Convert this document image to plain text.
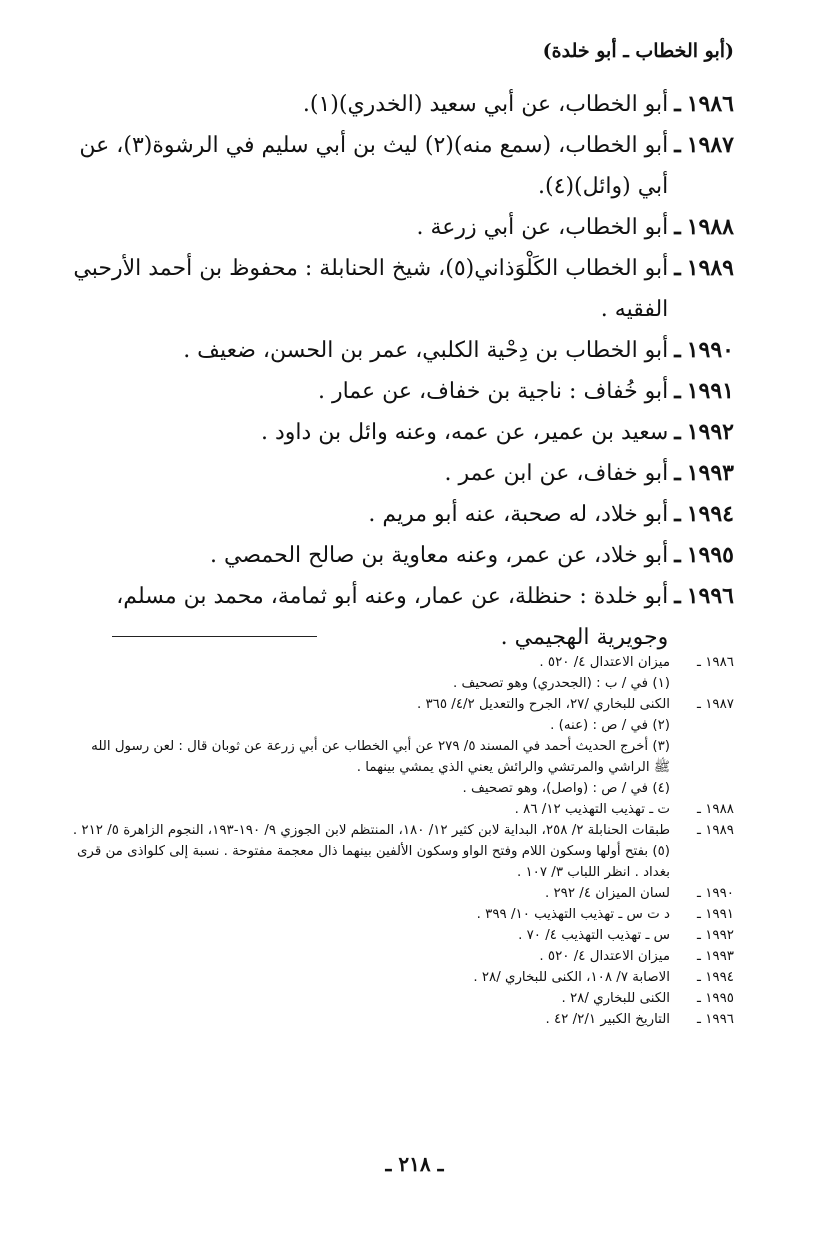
(أبو الخطاب ـ أبو خلدة)
١٩٨٦
ـ
أبو الخطاب، عن أبي سعيد (الخدري)(١).
١٩٨٧
ـ
أبو الخطاب، (سمع منه)(٢) ليث بن أبي سليم في الرشوة(٣)، عن أبي (وائل)(٤).
١٩٨٨
ـ
أبو الخطاب، عن أبي زرعة .
١٩٨٩
ـ
أبو الخطاب الكَلْوَذاني(٥)، شيخ الحنابلة : محفوظ بن أحمد الأرحبي الفقيه .
١٩٩٠
ـ
أبو الخطاب بن دِحْية الكلبي، عمر بن الحسن، ضعيف .
١٩٩١
ـ
أبو خُفاف : ناجية بن خفاف، عن عمار .
١٩٩٢
ـ
سعيد بن عمير، عن عمه، وعنه وائل بن داود .
١٩٩٣
ـ
أبو خفاف، عن ابن عمر .
١٩٩٤
ـ
أبو خلاد، له صحبة، عنه أبو مريم .
١٩٩٥
ـ
أبو خلاد، عن عمر، وعنه معاوية بن صالح الحمصي .
١٩٩٦
ـ
أبو خلدة : حنظلة، عن عمار، وعنه أبو ثمامة، محمد بن مسلم، وجويرية الهجيمي .
١٩٨٦ ـ
ميزان الاعتدال ٤/ ٥٢٠ .
(١) في / ب : (الجحدري) وهو تصحيف .
١٩٨٧ ـ
الكنى للبخاري /٢٧، الجرح والتعديل ٤/٢/ ٣٦٥ .
(٢) في / ص : (عنه) .
(٣) أخرج الحديث أحمد في المسند ٥/ ٢٧٩ عن أبي الخطاب عن أبي زرعة عن ثوبان قال : لعن رسول الله ﷺ الراشي والمرتشي والرائش يعني الذي يمشي بينهما .
(٤) في / ص : (واصل)، وهو تصحيف .
١٩٨٨ ـ
ت ـ تهذيب التهذيب ١٢/ ٨٦ .
١٩٨٩ ـ
طبقات الحنابلة ٢/ ٢٥٨، البداية لابن كثير ١٢/ ١٨٠، المنتظم لابن الجوزي ٩/ ١٩٠-١٩٣، النجوم الزاهرة ٥/ ٢١٢ .
(٥) بفتح أولها وسكون اللام وفتح الواو وسكون الألفين بينهما ذال معجمة مفتوحة . نسبة إلى كلواذى من قرى بغداد . انظر اللباب ٣/ ١٠٧ .
١٩٩٠ ـ
لسان الميزان ٤/ ٢٩٢ .
١٩٩١ ـ
د ت س ـ تهذيب التهذيب ١٠/ ٣٩٩ .
١٩٩٢ ـ
س ـ تهذيب التهذيب ٤/ ٧٠ .
١٩٩٣ ـ
ميزان الاعتدال ٤/ ٥٢٠ .
١٩٩٤ ـ
الاصابة ٧/ ١٠٨، الكنى للبخاري /٢٨ .
١٩٩٥ ـ
الكنى للبخاري /٢٨ .
١٩٩٦ ـ
التاريخ الكبير ٢/١/ ٤٢ .
ـ ٢١٨ ـ
